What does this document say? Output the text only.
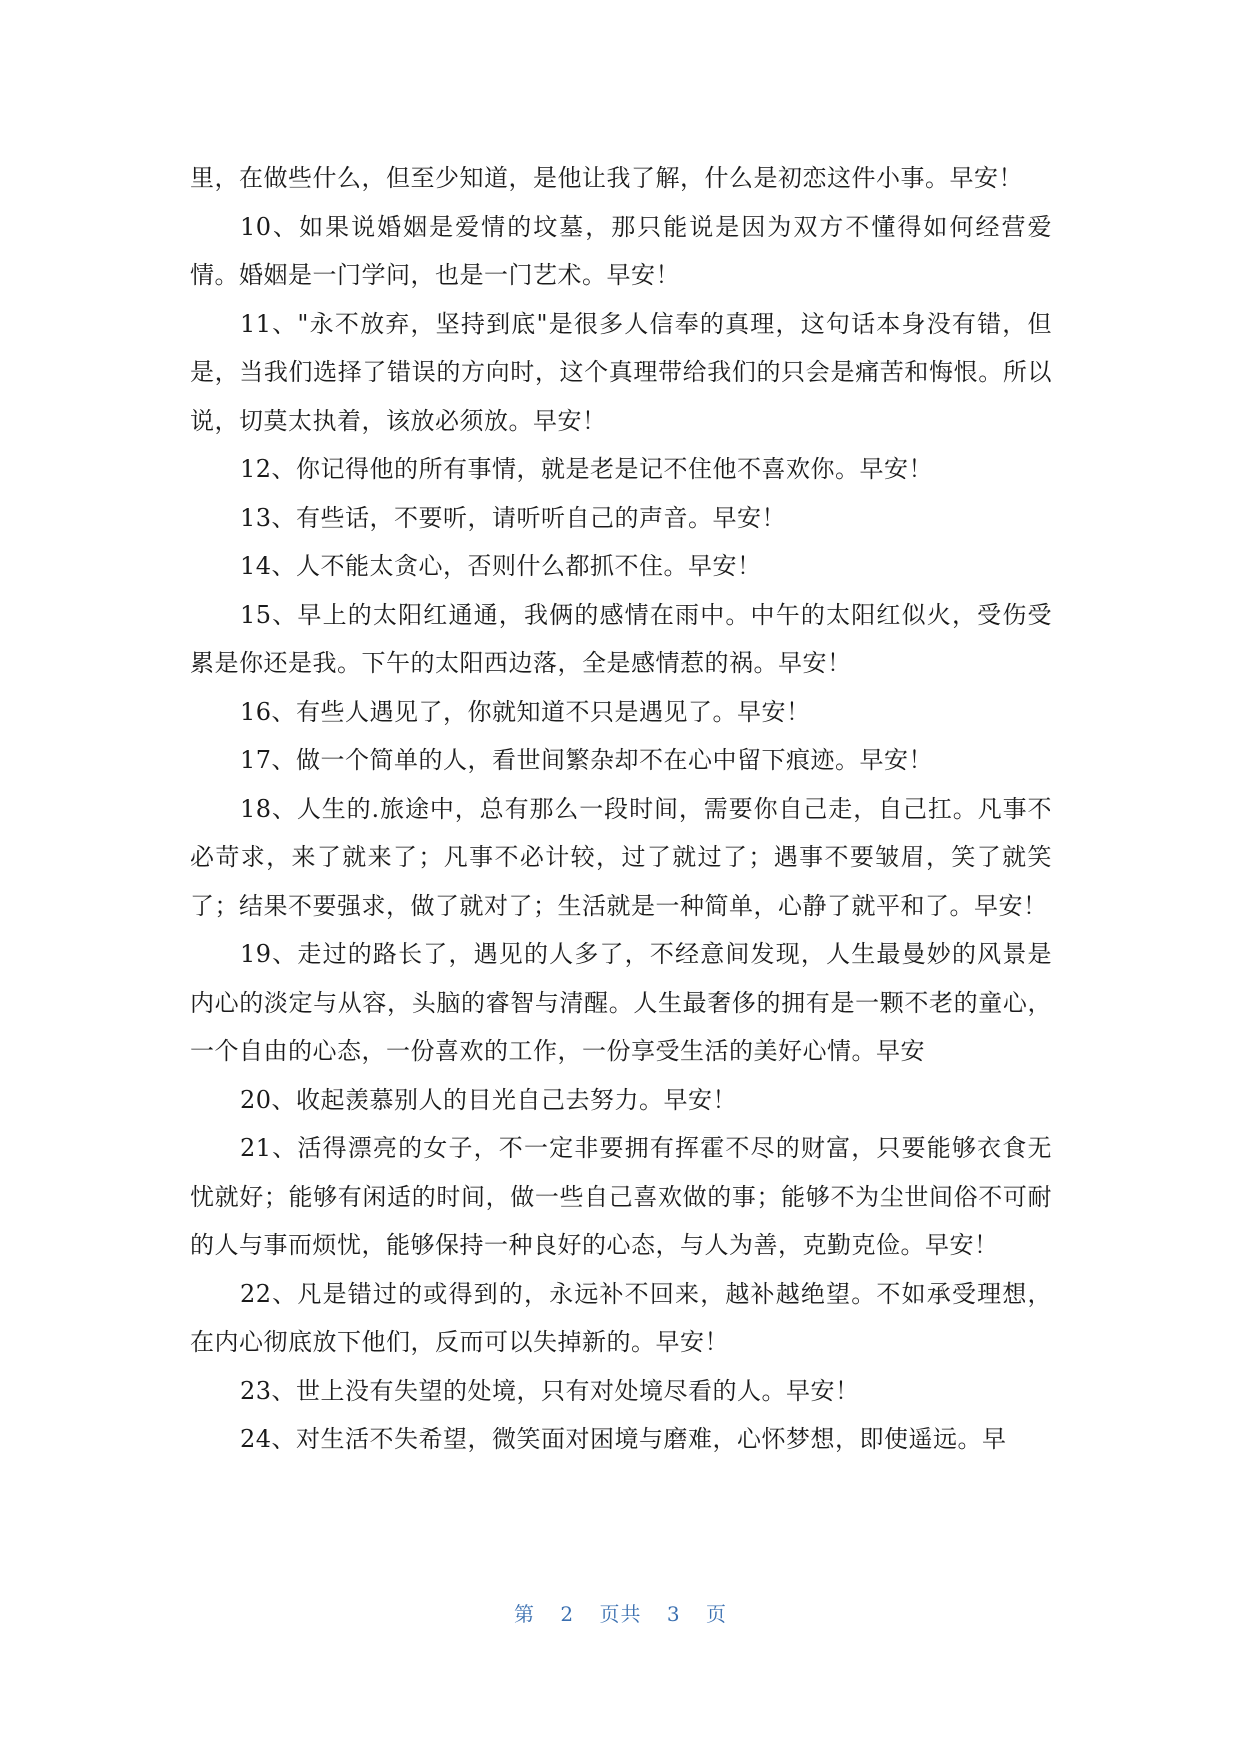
里，在做些什么，但至少知道，是他让我了解，什么是初恋这件小事。早安！

10、如果说婚姻是爱情的坟墓，那只能说是因为双方不懂得如何经营爱情。婚姻是一门学问，也是一门艺术。早安！

11、"永不放弃，坚持到底"是很多人信奉的真理，这句话本身没有错，但是，当我们选择了错误的方向时，这个真理带给我们的只会是痛苦和悔恨。所以说，切莫太执着，该放必须放。早安！

12、你记得他的所有事情，就是老是记不住他不喜欢你。早安！

13、有些话，不要听，请听听自己的声音。早安！

14、人不能太贪心，否则什么都抓不住。早安！

15、早上的太阳红通通，我俩的感情在雨中。中午的太阳红似火，受伤受累是你还是我。下午的太阳西边落，全是感情惹的祸。早安！

16、有些人遇见了，你就知道不只是遇见了。早安！

17、做一个简单的人，看世间繁杂却不在心中留下痕迹。早安！

18、人生的.旅途中，总有那么一段时间，需要你自己走，自己扛。凡事不必苛求，来了就来了；凡事不必计较，过了就过了；遇事不要皱眉，笑了就笑了；结果不要强求，做了就对了；生活就是一种简单，心静了就平和了。早安！

19、走过的路长了，遇见的人多了，不经意间发现，人生最曼妙的风景是内心的淡定与从容，头脑的睿智与清醒。人生最奢侈的拥有是一颗不老的童心，一个自由的心态，一份喜欢的工作，一份享受生活的美好心情。早安

20、收起羡慕别人的目光自己去努力。早安！

21、活得漂亮的女子，不一定非要拥有挥霍不尽的财富，只要能够衣食无忧就好；能够有闲适的时间，做一些自己喜欢做的事；能够不为尘世间俗不可耐的人与事而烦忧，能够保持一种良好的心态，与人为善，克勤克俭。早安！

22、凡是错过的或得到的，永远补不回来，越补越绝望。不如承受理想，在内心彻底放下他们，反而可以失掉新的。早安！

23、世上没有失望的处境，只有对处境尽看的人。早安！

24、对生活不失希望，微笑面对困境与磨难，心怀梦想，即使遥远。早

第 2 页共 3 页
